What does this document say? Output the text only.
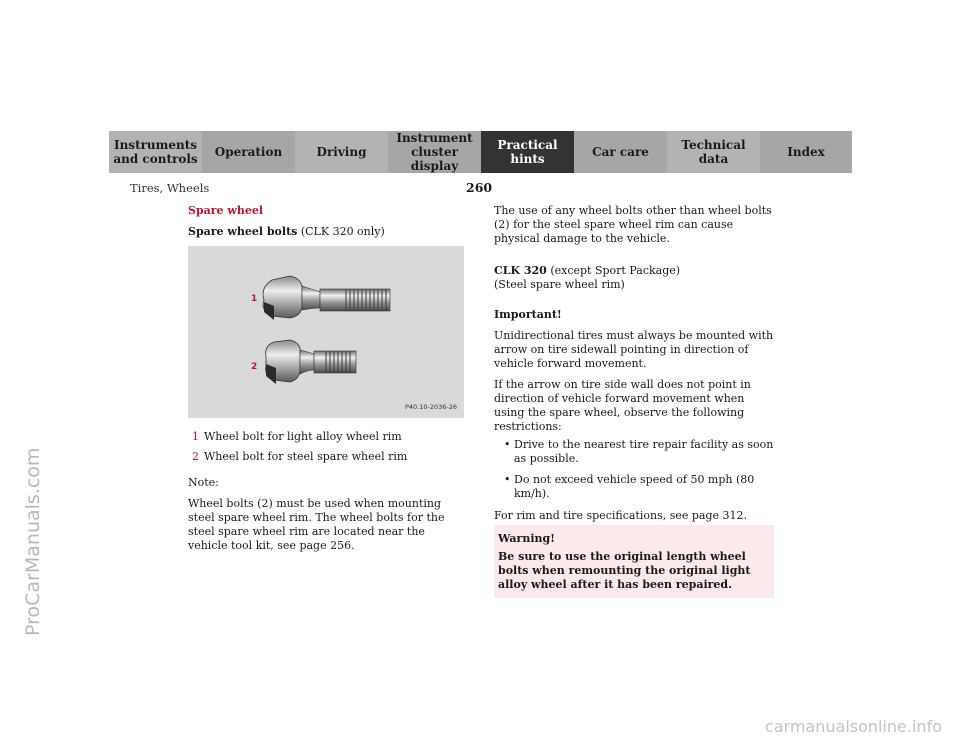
ProCarManuals.com
carmanualsonline.info
Instruments
and controls	Operation	Driving
Instrument
cluster display
Practical hints	Car care	Technical
data	Index
Tires, Wheels	260
Spare wheel
Spare wheel bolts (CLK 320 only)
1
2
P40.10-2036-26
1 Wheel bolt for light alloy wheel rim
2 Wheel bolt for steel spare wheel rim
Note:
Wheel bolts (2) must be used when mounting steel spare wheel rim. The wheel bolts for the steel spare wheel rim are located near the vehicle tool kit, see page 256.
The use of any wheel bolts other than wheel bolts (2) for the steel spare wheel rim can cause physical damage to the vehicle.
CLK 320 (except Sport Package)
(Steel spare wheel rim)
Important!
Unidirectional tires must always be mounted with arrow on tire sidewall pointing in direction of vehicle forward movement.
If the arrow on tire side wall does not point in direction of vehicle forward movement when using the spare wheel, observe the following restrictions:
• Drive to the nearest tire repair facility as soon as possible.
• Do not exceed vehicle speed of 50 mph (80 km/h).
For rim and tire specifications, see page 312.
Warning!
Be sure to use the original length wheel bolts when remounting the original light alloy wheel after it has been repaired.
